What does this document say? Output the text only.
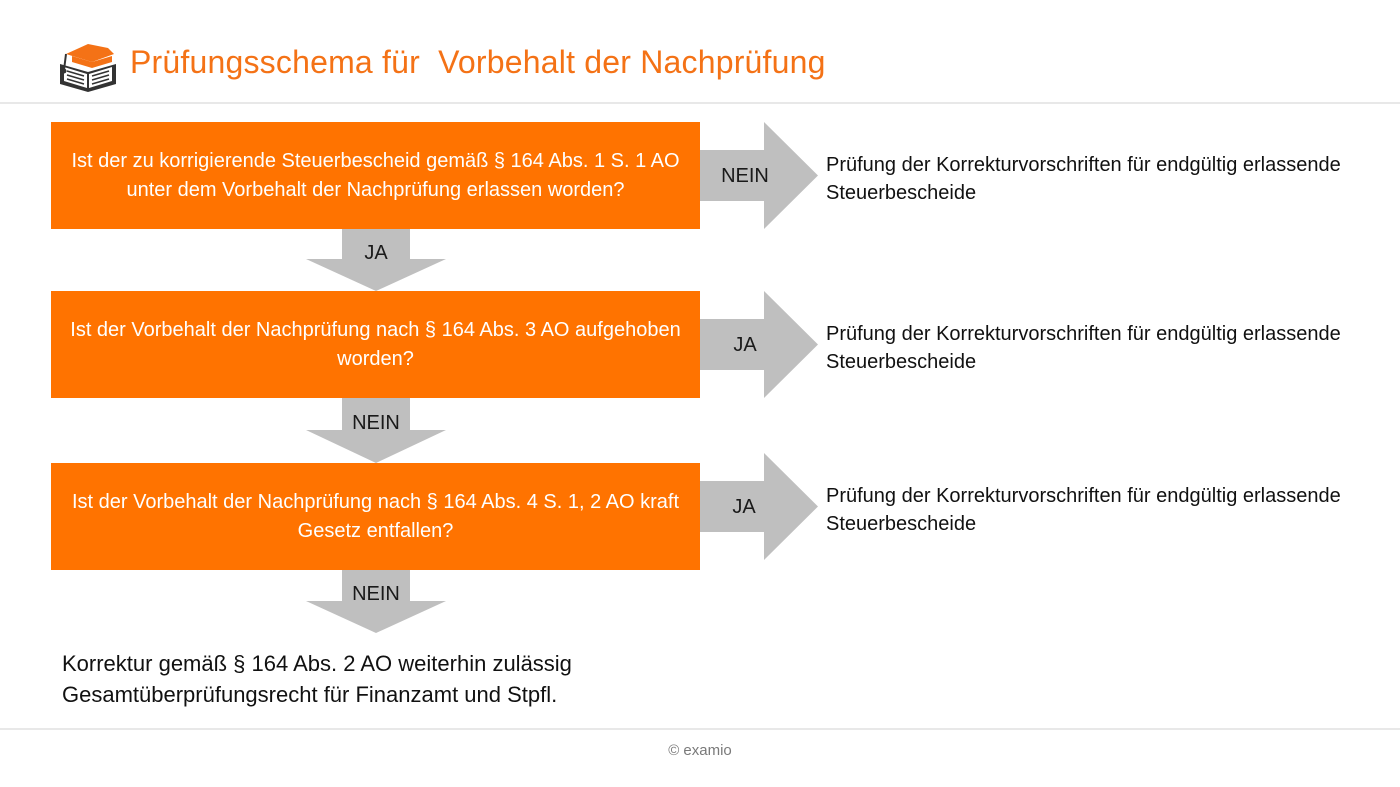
Prüfungsschema für  Vorbehalt der Nachprüfung
Ist der zu korrigierende Steuerbescheid gemäß § 164 Abs. 1 S. 1 AO unter dem Vorbehalt der Nachprüfung erlassen worden?
NEIN	Prüfung der Korrekturvorschriften für endgültig erlassende Steuerbescheide
JA
Ist der Vorbehalt der Nachprüfung nach § 164 Abs. 3 AO aufgehoben worden?
JA	Prüfung der Korrekturvorschriften für endgültig erlassende Steuerbescheide
NEIN
Ist der Vorbehalt der Nachprüfung nach § 164 Abs. 4 S. 1, 2 AO kraft Gesetz entfallen?
JA	Prüfung der Korrekturvorschriften für endgültig erlassende Steuerbescheide
NEIN
Korrektur gemäß § 164 Abs. 2 AO weiterhin zulässig
Gesamtüberprüfungsrecht für Finanzamt und Stpfl.
© examio
